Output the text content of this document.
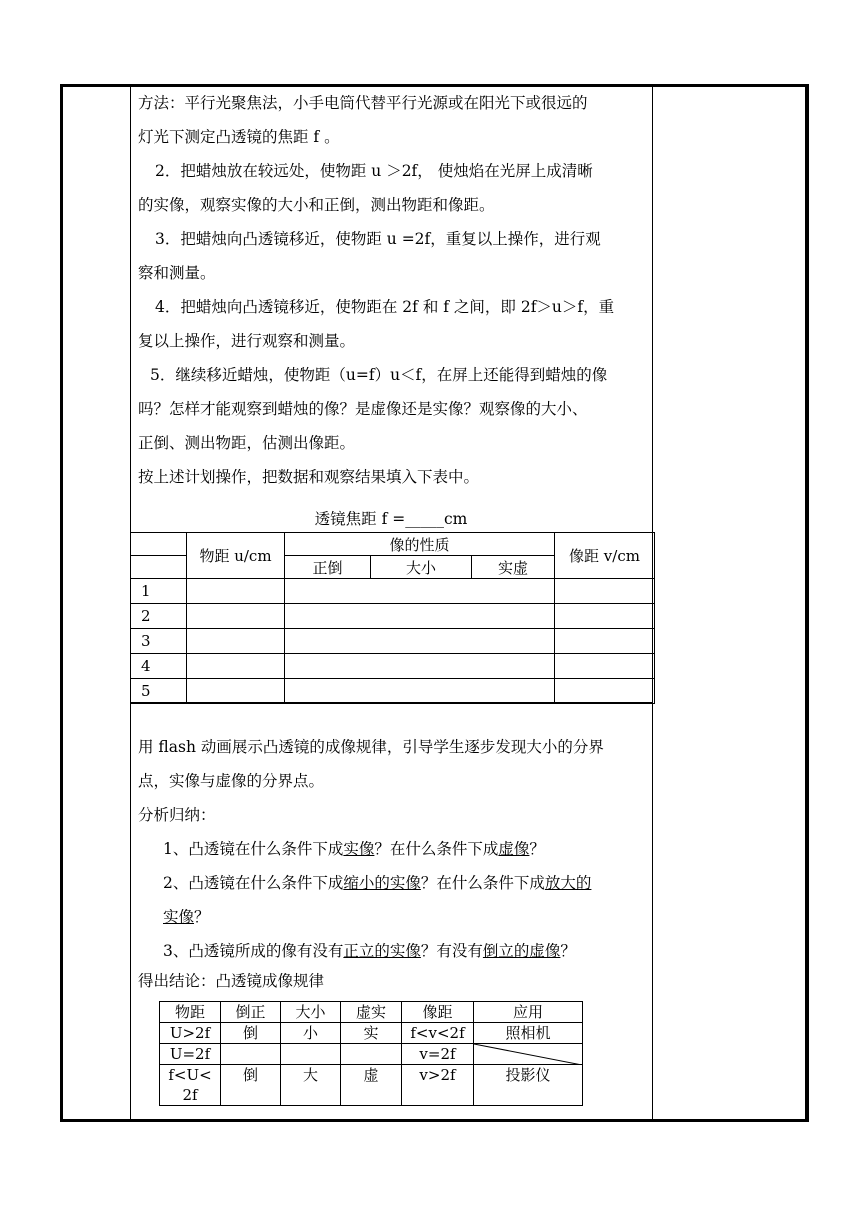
方法：平行光聚焦法，小手电筒代替平行光源或在阳光下或很远的

灯光下测定凸透镜的焦距 f 。

2．把蜡烛放在较远处，使物距 u ＞2f， 使烛焰在光屏上成清晰

的实像，观察实像的大小和正倒，测出物距和像距。

3．把蜡烛向凸透镜移近，使物距 u =2f，重复以上操作，进行观

察和测量。

4．把蜡烛向凸透镜移近，使物距在 2f 和 f 之间，即 2f＞u＞f，重

复以上操作，进行观察和测量。

5．继续移近蜡烛，使物距（u=f）u＜f，在屏上还能得到蜡烛的像

吗？怎样才能观察到蜡烛的像？是虚像还是实像？观察像的大小、

正倒、测出物距，估测出像距。

按上述计划操作，把数据和观察结果填入下表中。

透镜焦距 f =_____cm
	物距 u/cm	像的性质			像距 v/cm
		正倒	大小	实虚	
1					
2					
3					
4					
5					

用 flash 动画展示凸透镜的成像规律，引导学生逐步发现大小的分界

点，实像与虚像的分界点。

分析归纳：

1、凸透镜在什么条件下成实像？在什么条件下成虚像？

2、凸透镜在什么条件下成缩小的实像？在什么条件下成放大的

实像？

3、凸透镜所成的像有没有正立的实像？有没有倒立的虚像？

得出结论：凸透镜成像规律

物距	倒正	大小	虚实	像距	应用
U>2f	倒	小	实	f<v<2f	照相机
U=2f				v=2f	

f<U<
2f	倒	大	虚	v>2f	投影仪
